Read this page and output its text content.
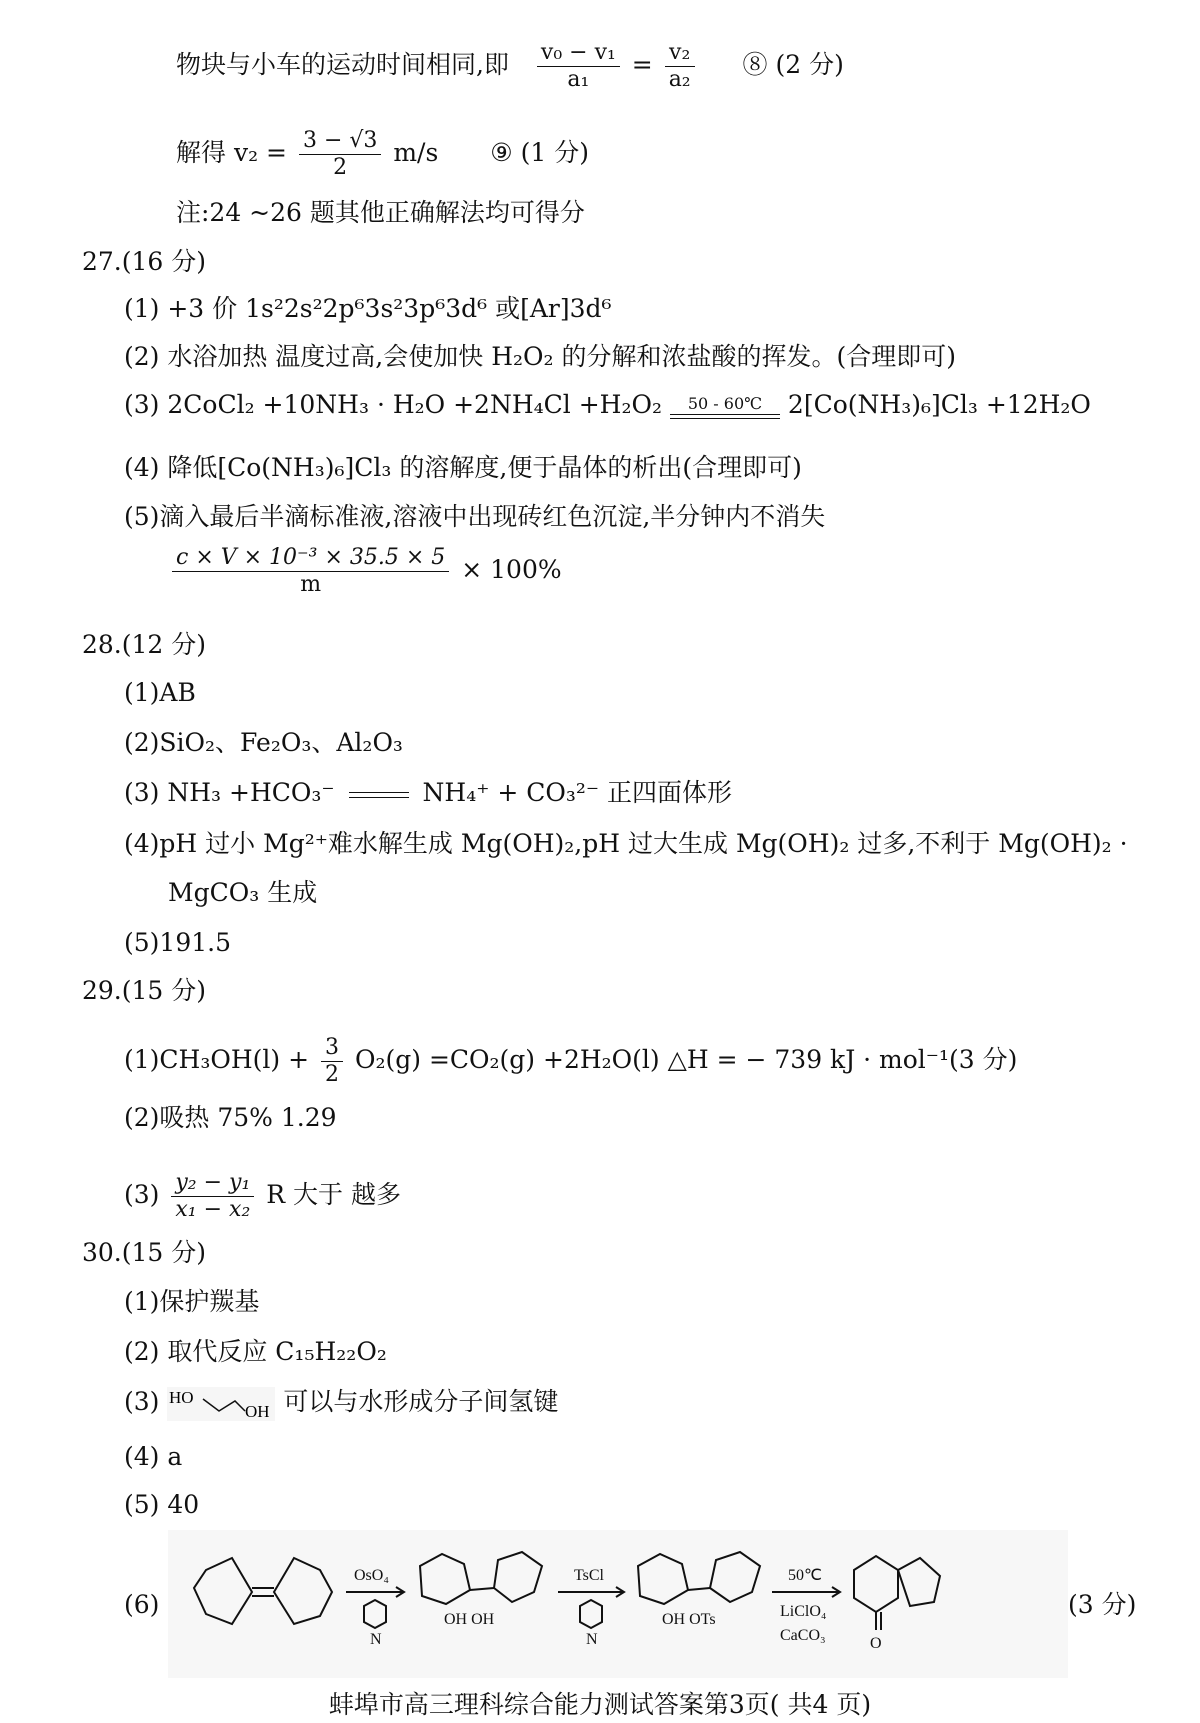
物块与小车的运动时间相同,即 $\frac{\text{v₀ − v₁}}{\text{a₁}} = \frac{\text{v₂}}{\text{a₂}}$ ⑧ (2 分)
解得 $v_2 = \frac{3 - √3}{2} m/s$ ⑨ (1 分)
注:24 ~26 题其他正确解法均可得分
27.(16 分)
(1) +3 价 1s²2s²2p⁶3s²3p⁶3d⁶ 或[Ar]3d⁶
(2) 水浴加热 温度过高,会使加快 H₂O₂ 的分解和浓盐酸的挥发。(合理即可)
(3) 2CoCl₂ +10NH₃ · H₂O +2NH₄Cl +H₂O₂	50 - 60℃	2[Co(NH₃)₆]Cl₃ +12H₂O
(4) 降低[Co(NH₃)₆]Cl₃ 的溶解度,便于晶体的析出(合理即可)
(5)滴入最后半滴标准液,溶液中出现砖红色沉淀,半分钟内不消失
$\frac{\text{c × V × 10⁻³ × 35.5 × 5}}{m} \times 100\%$
28.(12 分)
(1)AB
(2)SiO₂、Fe₂O₃、Al₂O₃
(3) NH₃ +HCO₃⁻	NH₄⁺ + CO₃²⁻ 正四面体形
(4)pH 过小 Mg²⁺难水解生成 Mg(OH)₂,pH 过大生成 Mg(OH)₂ 过多,不利于 Mg(OH)₂ ·
MgCO₃ 生成
(5)191.5
29.(15 分)
$(1)CH_3OH(l) + \frac{3}{2} O_2(g) =CO_2(g) +2H_2O(l)$ △H = − 739 kJ · mol⁻¹(3 分)
(2)吸热 75% 1.29
$(3) \frac{\text{y₂ − y₁}}{\text{x₁ − x₂}}$ R 大于 越多
30.(15 分)
(1)保护羰基
(2) 取代反应 C₁₅H₂₂O₂
(3) HO
OH 可以与水形成分子间氢键
(4) a
(5) 40
(6)
OsO₄
N
OH OH
TsCl
N
OH OTs
50℃
LiClO₄
CaCO₃	O
(3 分)
蚌埠市高三理科综合能力测试答案第3页( 共4 页)
